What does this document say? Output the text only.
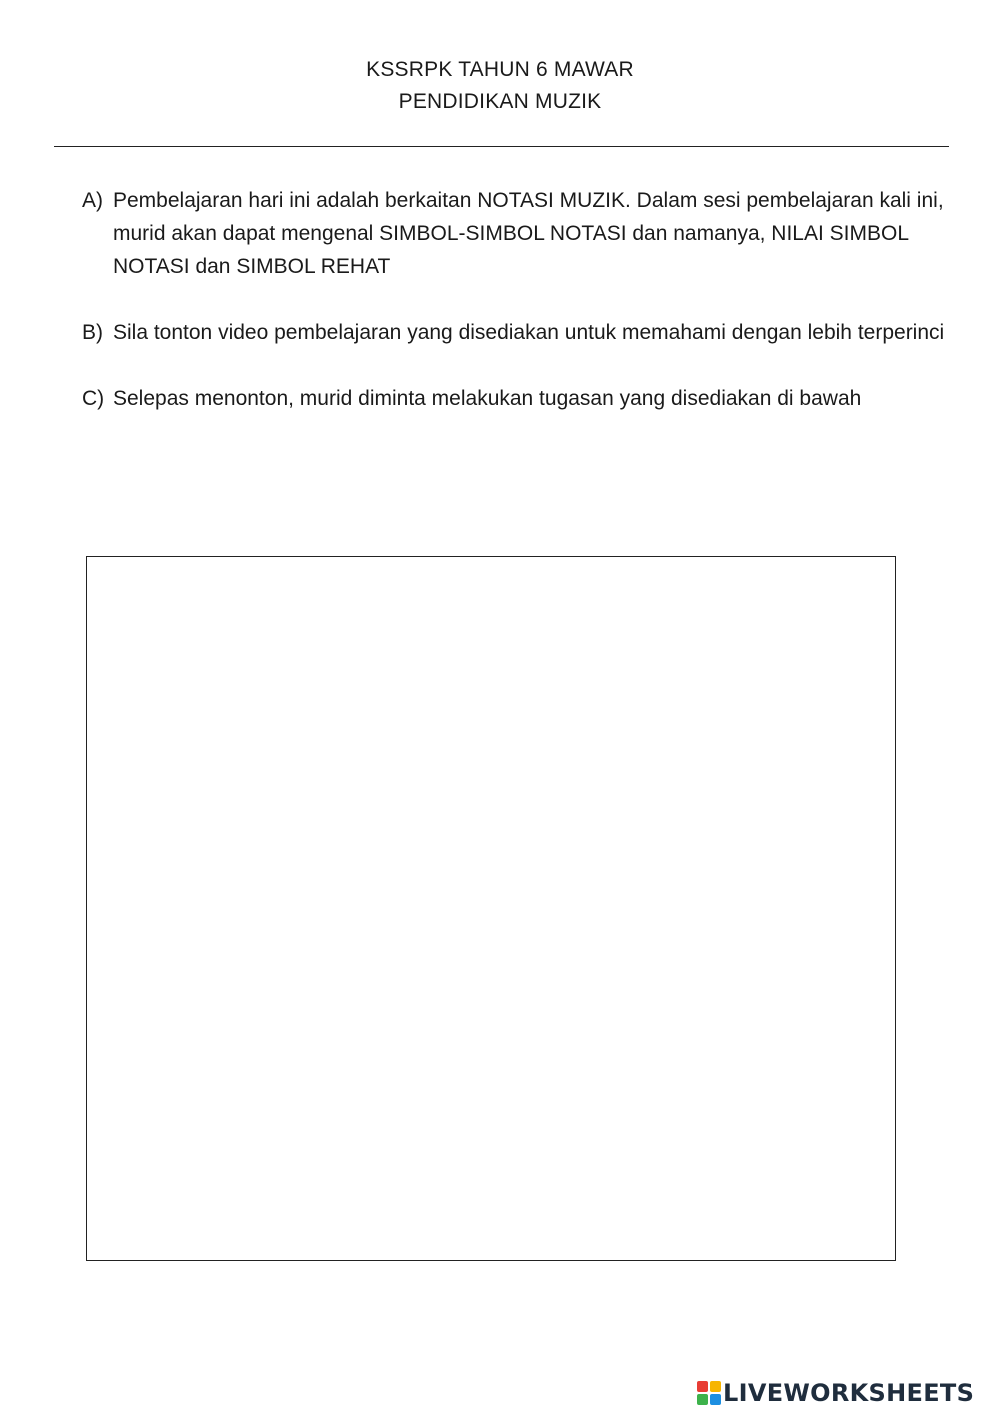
KSSRPK TAHUN 6 MAWAR
PENDIDIKAN MUZIK
A) Pembelajaran hari ini adalah berkaitan NOTASI MUZIK. Dalam sesi pembelajaran kali ini, murid akan dapat mengenal SIMBOL-SIMBOL NOTASI dan namanya, NILAI SIMBOL NOTASI dan SIMBOL REHAT
B) Sila tonton video pembelajaran yang disediakan untuk memahami dengan lebih terperinci
C) Selepas menonton, murid diminta melakukan tugasan yang disediakan di bawah
LIVEWORKSHEETS
